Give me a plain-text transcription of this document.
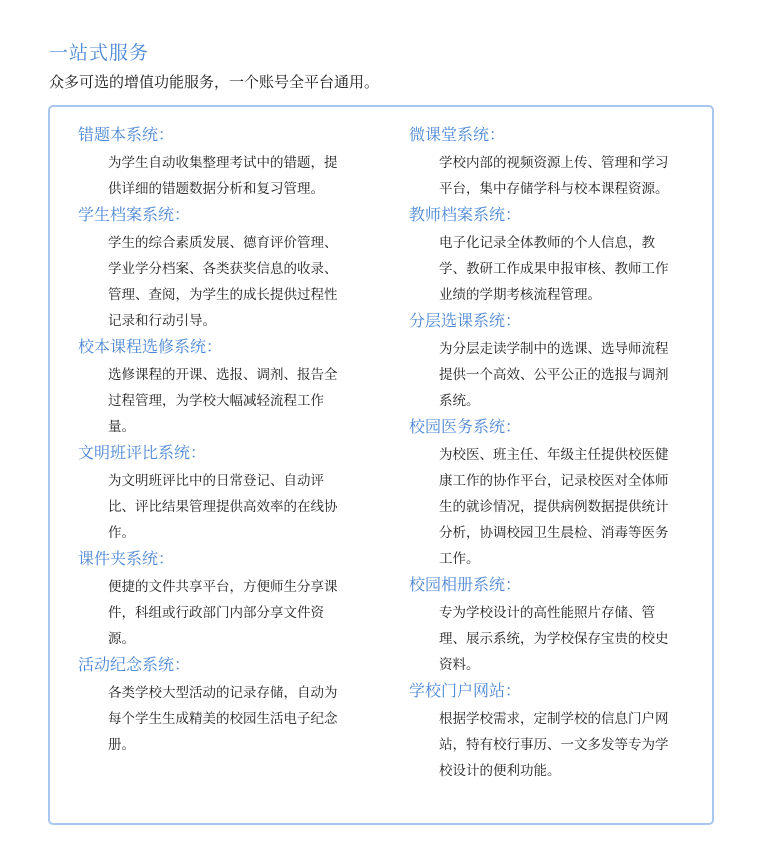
一站式服务
众多可选的增值功能服务，一个账号全平台通用。
错题本系统：
为学生自动收集整理考试中的错题，提供详细的错题数据分析和复习管理。
学生档案系统：
学生的综合素质发展、德育评价管理、学业学分档案、各类获奖信息的收录、管理、查阅，为学生的成长提供过程性记录和行动引导。
校本课程选修系统：
选修课程的开课、选报、调剂、报告全过程管理，为学校大幅减轻流程工作量。
文明班评比系统：
为文明班评比中的日常登记、自动评比、评比结果管理提供高效率的在线协作。
课件夹系统：
便捷的文件共享平台，方便师生分享课件，科组或行政部门内部分享文件资源。
活动纪念系统：
各类学校大型活动的记录存储，自动为每个学生生成精美的校园生活电子纪念册。
微课堂系统：
学校内部的视频资源上传、管理和学习平台，集中存储学科与校本课程资源。
教师档案系统：
电子化记录全体教师的个人信息，教学、教研工作成果申报审核、教师工作业绩的学期考核流程管理。
分层选课系统：
为分层走读学制中的选课、选导师流程提供一个高效、公平公正的选报与调剂系统。
校园医务系统：
为校医、班主任、年级主任提供校医健康工作的协作平台，记录校医对全体师生的就诊情况，提供病例数据提供统计分析，协调校园卫生晨检、消毒等医务工作。
校园相册系统：
专为学校设计的高性能照片存储、管理、展示系统，为学校保存宝贵的校史资料。
学校门户网站：
根据学校需求，定制学校的信息门户网站，特有校行事历、一文多发等专为学校设计的便利功能。
